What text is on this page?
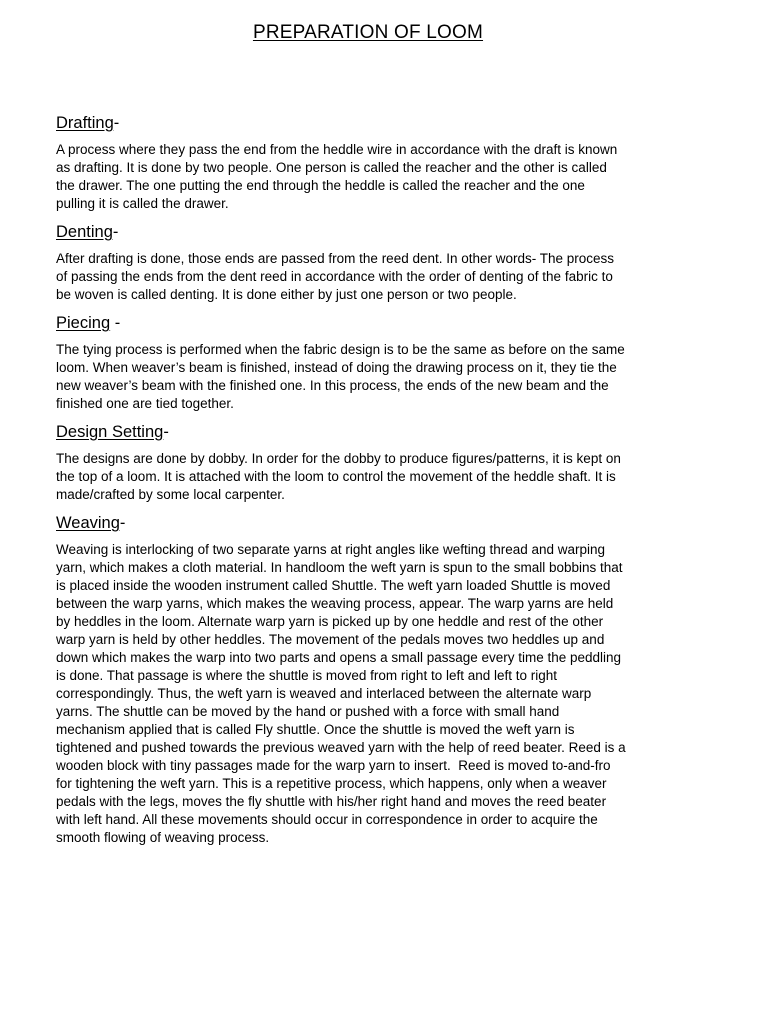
PREPARATION OF LOOM
Drafting-

A process where they pass the end from the heddle wire in accordance with the draft is known
as drafting. It is done by two people. One person is called the reacher and the other is called
the drawer. The one putting the end through the heddle is called the reacher and the one
pulling it is called the drawer.

Denting-

After drafting is done, those ends are passed from the reed dent. In other words- The process
of passing the ends from the dent reed in accordance with the order of denting of the fabric to
be woven is called denting. It is done either by just one person or two people.

Piecing -

The tying process is performed when the fabric design is to be the same as before on the same
loom. When weaver’s beam is finished, instead of doing the drawing process on it, they tie the
new weaver’s beam with the finished one. In this process, the ends of the new beam and the
finished one are tied together.

Design Setting-

The designs are done by dobby. In order for the dobby to produce figures/patterns, it is kept on
the top of a loom. It is attached with the loom to control the movement of the heddle shaft. It is
made/crafted by some local carpenter.

Weaving-

Weaving is interlocking of two separate yarns at right angles like wefting thread and warping
yarn, which makes a cloth material. In handloom the weft yarn is spun to the small bobbins that
is placed inside the wooden instrument called Shuttle. The weft yarn loaded Shuttle is moved
between the warp yarns, which makes the weaving process, appear. The warp yarns are held
by heddles in the loom. Alternate warp yarn is picked up by one heddle and rest of the other
warp yarn is held by other heddles. The movement of the pedals moves two heddles up and
down which makes the warp into two parts and opens a small passage every time the peddling
is done. That passage is where the shuttle is moved from right to left and left to right
correspondingly. Thus, the weft yarn is weaved and interlaced between the alternate warp
yarns. The shuttle can be moved by the hand or pushed with a force with small hand
mechanism applied that is called Fly shuttle. Once the shuttle is moved the weft yarn is
tightened and pushed towards the previous weaved yarn with the help of reed beater. Reed is a
wooden block with tiny passages made for the warp yarn to insert.  Reed is moved to-and-fro
for tightening the weft yarn. This is a repetitive process, which happens, only when a weaver
pedals with the legs, moves the fly shuttle with his/her right hand and moves the reed beater
with left hand. All these movements should occur in correspondence in order to acquire the
smooth flowing of weaving process.
